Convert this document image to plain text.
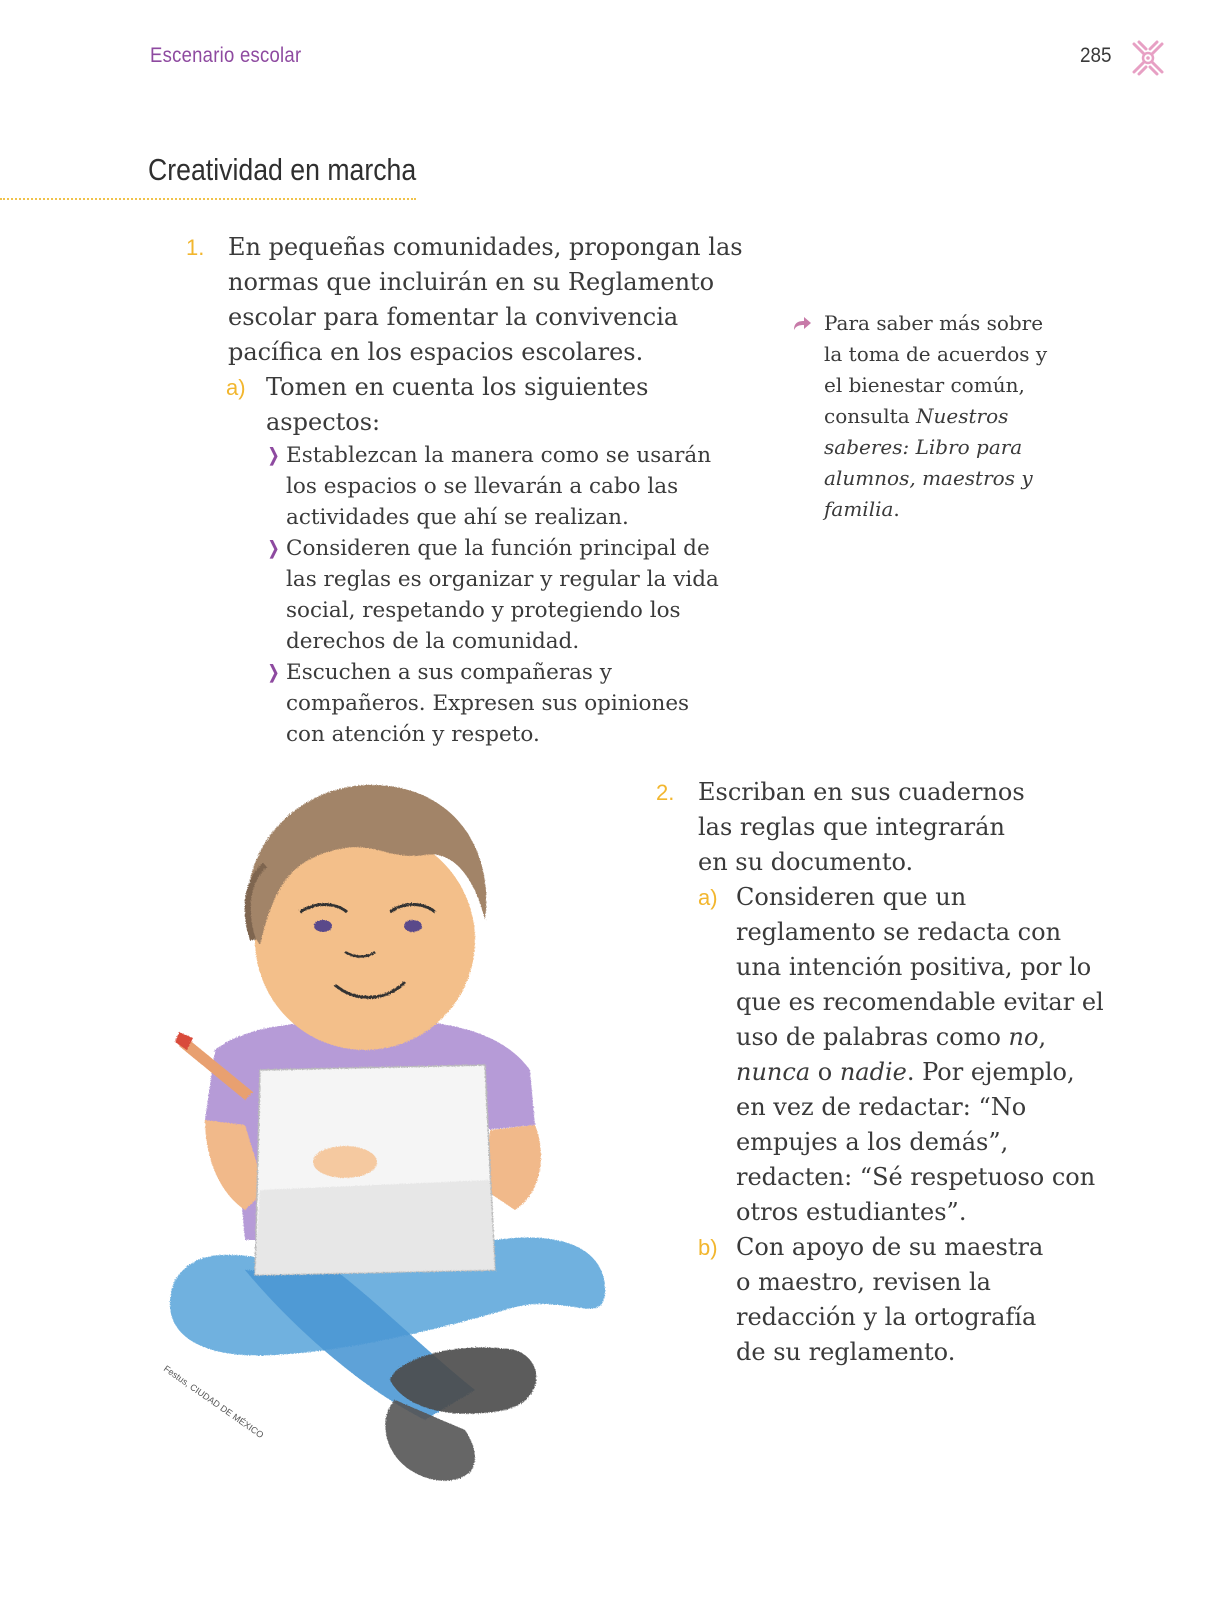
Escenario escolar	285
Creatividad en marcha
1. En pequeñas comunidades, propongan las normas que incluirán en su Reglamento escolar para fomentar la convivencia pacífica en los espacios escolares.
a) Tomen en cuenta los siguientes aspectos:
❭ Establezcan la manera como se usarán los espacios o se llevarán a cabo las actividades que ahí se realizan.
❭ Consideren que la función principal de las reglas es organizar y regular la vida social, respetando y protegiendo los derechos de la comunidad.
❭ Escuchen a sus compañeras y compañeros. Expresen sus opiniones con atención y respeto.
Para saber más sobre la toma de acuerdos y el bienestar común, consulta Nuestros saberes: Libro para alumnos, maestros y familia.
Festus, CIUDAD DE MÉXICO
2. Escriban en sus cuadernos las reglas que integrarán en su documento.
a) Consideren que un reglamento se redacta con una intención positiva, por lo que es recomendable evitar el uso de palabras como no, nunca o nadie. Por ejemplo, en vez de redactar: “No empujes a los demás”, redacten: “Sé respetuoso con otros estudiantes”.
b) Con apoyo de su maestra o maestro, revisen la redacción y la ortografía de su reglamento.
